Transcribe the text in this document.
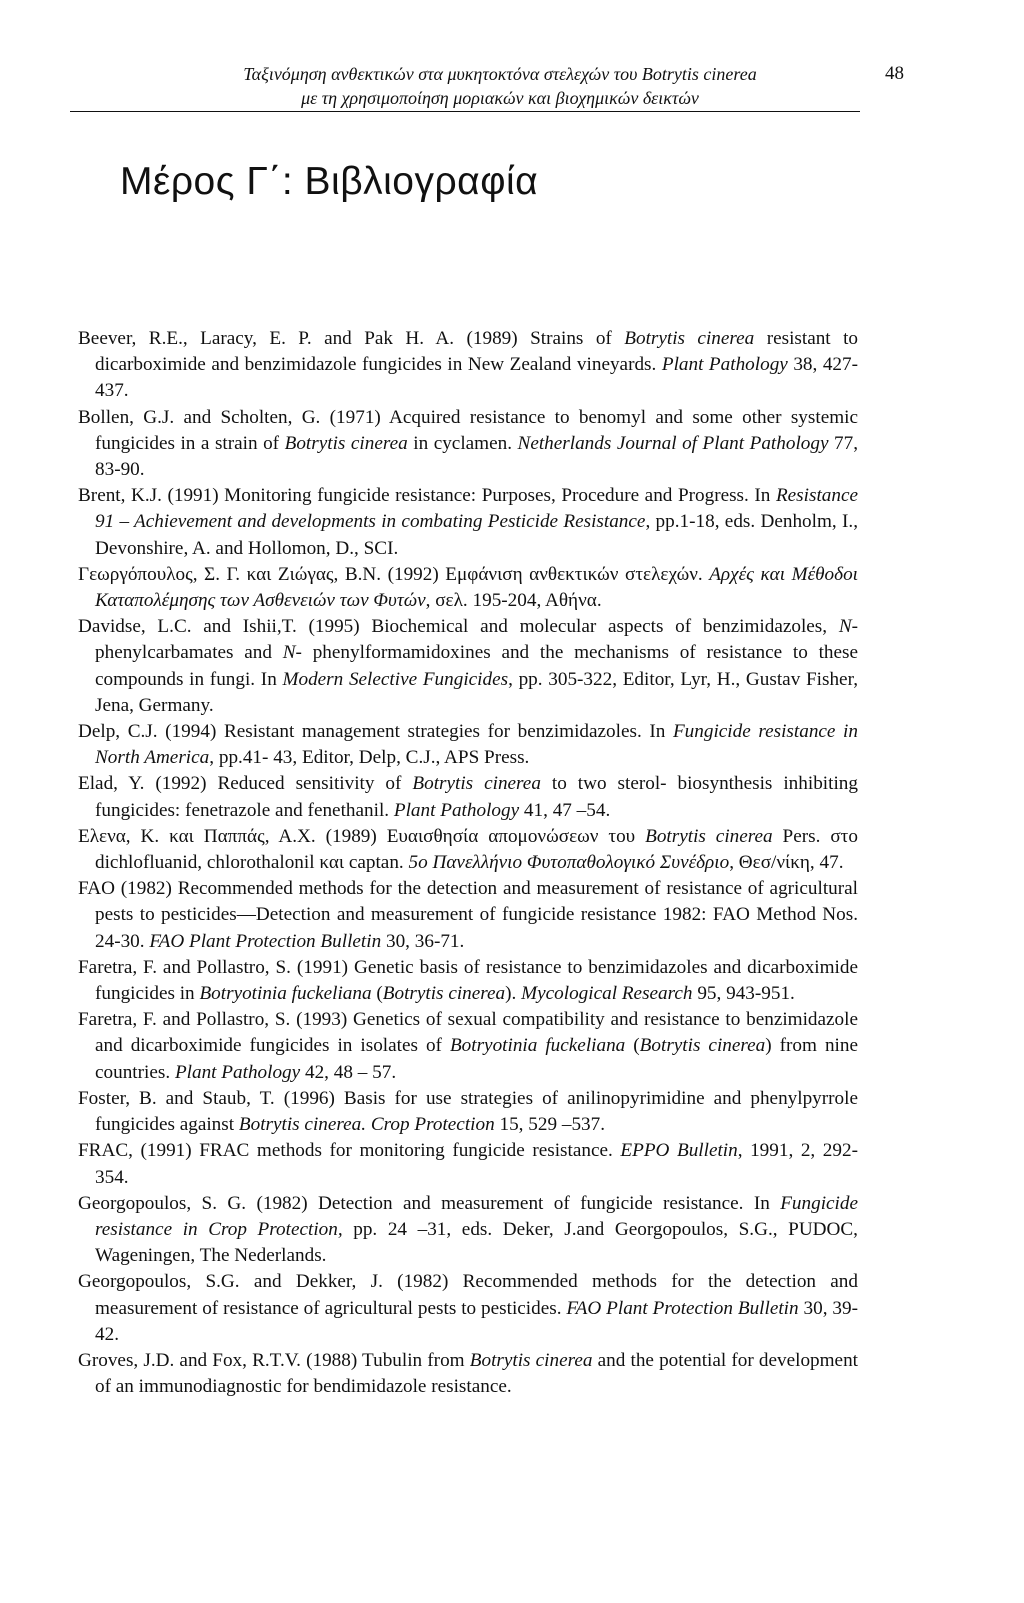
Ταξινόμηση ανθεκτικών στα μυκητοκτόνα στελεχών του Botrytis cinerea
με τη χρησιμοποίηση μοριακών και βιοχημικών δεικτών
48
Μέρος Γ΄: Βιβλιογραφία
Beever, R.E., Laracy, E. P. and Pak H. A. (1989) Strains of Botrytis cinerea resistant to dicarboximide and benzimidazole fungicides in New Zealand vineyards. Plant Pathology 38, 427-437.
Bollen, G.J. and Scholten, G. (1971) Acquired resistance to benomyl and some other systemic fungicides in a strain of Botrytis cinerea in cyclamen. Netherlands Journal of Plant Pathology 77, 83-90.
Brent, K.J. (1991) Monitoring fungicide resistance: Purposes, Procedure and Progress. In Resistance 91 – Achievement and developments in combating Pesticide Resistance, pp.1-18, eds. Denholm, I., Devonshire, A. and Hollomon, D., SCI.
Γεωργόπουλος, Σ. Γ. και Ζιώγας, Β.Ν. (1992) Εμφάνιση ανθεκτικών στελεχών. Αρχές και Μέθοδοι Καταπολέμησης των Ασθενειών των Φυτών, σελ. 195-204, Αθήνα.
Davidse, L.C. and Ishii,T. (1995) Biochemical and molecular aspects of benzimidazoles, N- phenylcarbamates and N- phenylformamidoxines and the mechanisms of resistance to these compounds in fungi. In Modern Selective Fungicides, pp. 305-322, Editor, Lyr, H., Gustav Fisher, Jena, Germany.
Delp, C.J. (1994) Resistant management strategies for benzimidazoles. In Fungicide resistance in North America, pp.41- 43, Editor, Delp, C.J., APS Press.
Elad, Y. (1992) Reduced sensitivity of Botrytis cinerea to two sterol- biosynthesis inhibiting fungicides: fenetrazole and fenethanil. Plant Pathology 41, 47 –54.
Ελενα, Κ. και Παππάς, Α.Χ. (1989) Ευαισθησία απομονώσεων του Botrytis cinerea Pers. στο dichlofluanid, chlorothalonil και captan. 5ο Πανελλήνιο Φυτοπαθολογικό Συνέδριο, Θεσ/νίκη, 47.
FAO (1982) Recommended methods for the detection and measurement of resistance of agricultural pests to pesticides—Detection and measurement of fungicide resistance 1982: FAO Method Nos. 24-30. FAO Plant Protection Bulletin 30, 36-71.
Faretra, F. and Pollastro, S. (1991) Genetic basis of resistance to benzimidazoles and dicarboximide fungicides in Botryotinia fuckeliana (Botrytis cinerea). Mycological Research 95, 943-951.
Faretra, F. and Pollastro, S. (1993) Genetics of sexual compatibility and resistance to benzimidazole and dicarboximide fungicides in isolates of Botryotinia fuckeliana (Botrytis cinerea) from nine countries. Plant Pathology 42, 48 – 57.
Foster, B. and Staub, T. (1996) Basis for use strategies of anilinopyrimidine and phenylpyrrole fungicides against Botrytis cinerea. Crop Protection 15, 529 –537.
FRAC, (1991) FRAC methods for monitoring fungicide resistance. EPPO Bulletin, 1991, 2, 292-354.
Georgopoulos, S. G. (1982) Detection and measurement of fungicide resistance. In Fungicide resistance in Crop Protection, pp. 24 –31, eds. Deker, J.and Georgopoulos, S.G., PUDOC, Wageningen, The Nederlands.
Georgopoulos, S.G. and Dekker, J. (1982) Recommended methods for the detection and measurement of resistance of agricultural pests to pesticides. FAO Plant Protection Bulletin 30, 39- 42.
Groves, J.D. and Fox, R.T.V. (1988) Tubulin from Botrytis cinerea and the potential for development of an immunodiagnostic for bendimidazole resistance.
